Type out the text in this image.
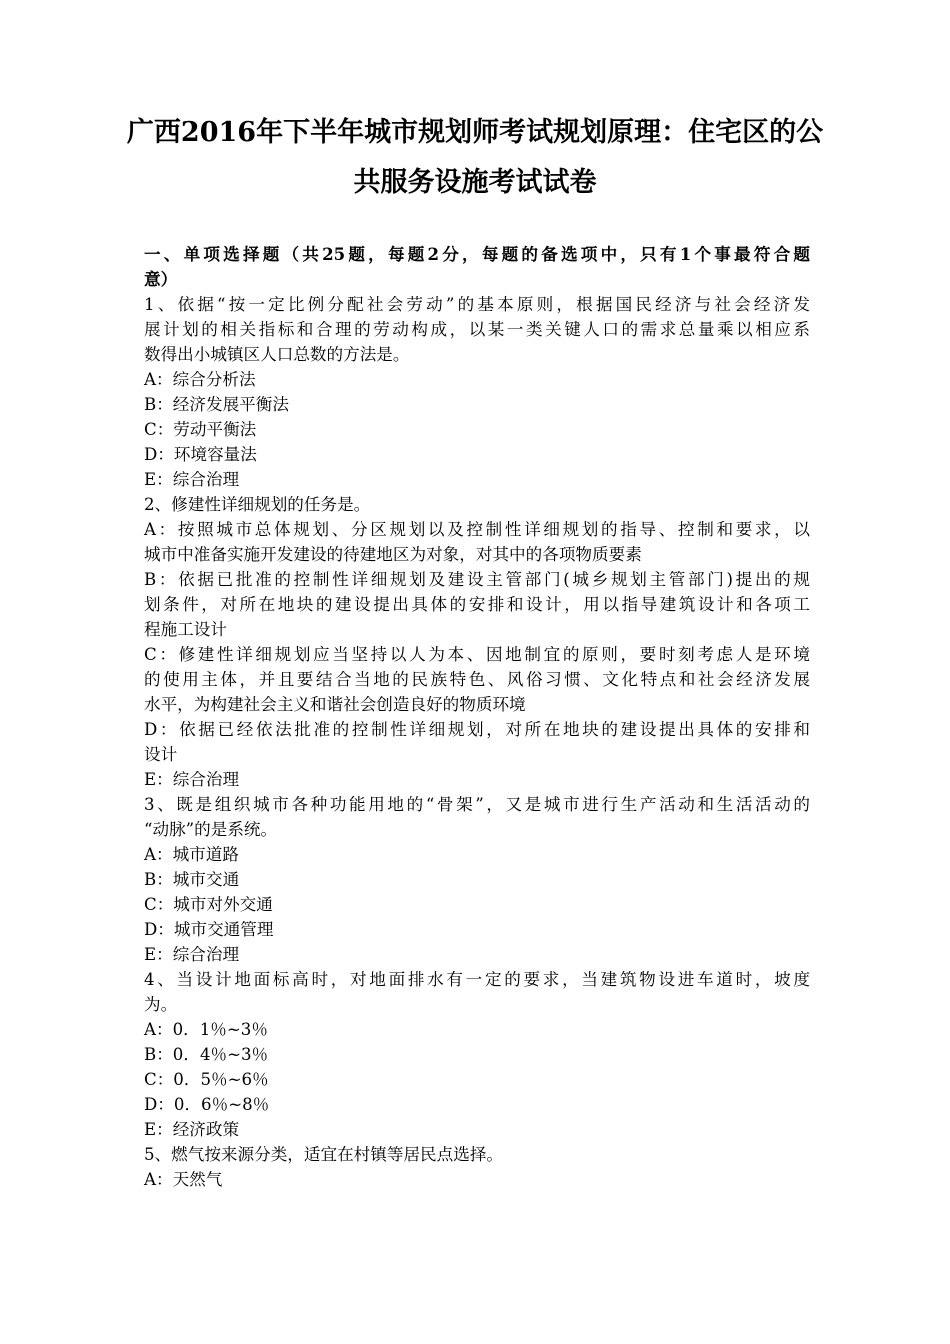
广西2016年下半年城市规划师考试规划原理：住宅区的公
共服务设施考试试卷
一、单项选择题（共25题，每题2分，每题的备选项中，只有1个事最符合题
意）
1、依据“按一定比例分配社会劳动”的基本原则，根据国民经济与社会经济发
展计划的相关指标和合理的劳动构成，以某一类关键人口的需求总量乘以相应系
数得出小城镇区人口总数的方法是。
A：综合分析法
B：经济发展平衡法
C：劳动平衡法
D：环境容量法
E：综合治理
2、修建性详细规划的任务是。
A：按照城市总体规划、分区规划以及控制性详细规划的指导、控制和要求，以
城市中准备实施开发建设的待建地区为对象，对其中的各项物质要素
B：依据已批准的控制性详细规划及建设主管部门(城乡规划主管部门)提出的规
划条件，对所在地块的建设提出具体的安排和设计，用以指导建筑设计和各项工
程施工设计
C：修建性详细规划应当坚持以人为本、因地制宜的原则，要时刻考虑人是环境
的使用主体，并且要结合当地的民族特色、风俗习惯、文化特点和社会经济发展
水平，为构建社会主义和谐社会创造良好的物质环境
D：依据已经依法批准的控制性详细规划，对所在地块的建设提出具体的安排和
设计
E：综合治理
3、既是组织城市各种功能用地的“骨架”，又是城市进行生产活动和生活活动的
“动脉”的是系统。
A：城市道路
B：城市交通
C：城市对外交通
D：城市交通管理
E：综合治理
4、当设计地面标高时，对地面排水有一定的要求，当建筑物设进车道时，坡度
为。
A：0．1％~3％
B：0．4％~3％
C：0．5％~6％
D：0．6％~8％
E：经济政策
5、燃气按来源分类，适宜在村镇等居民点选择。
A：天然气
